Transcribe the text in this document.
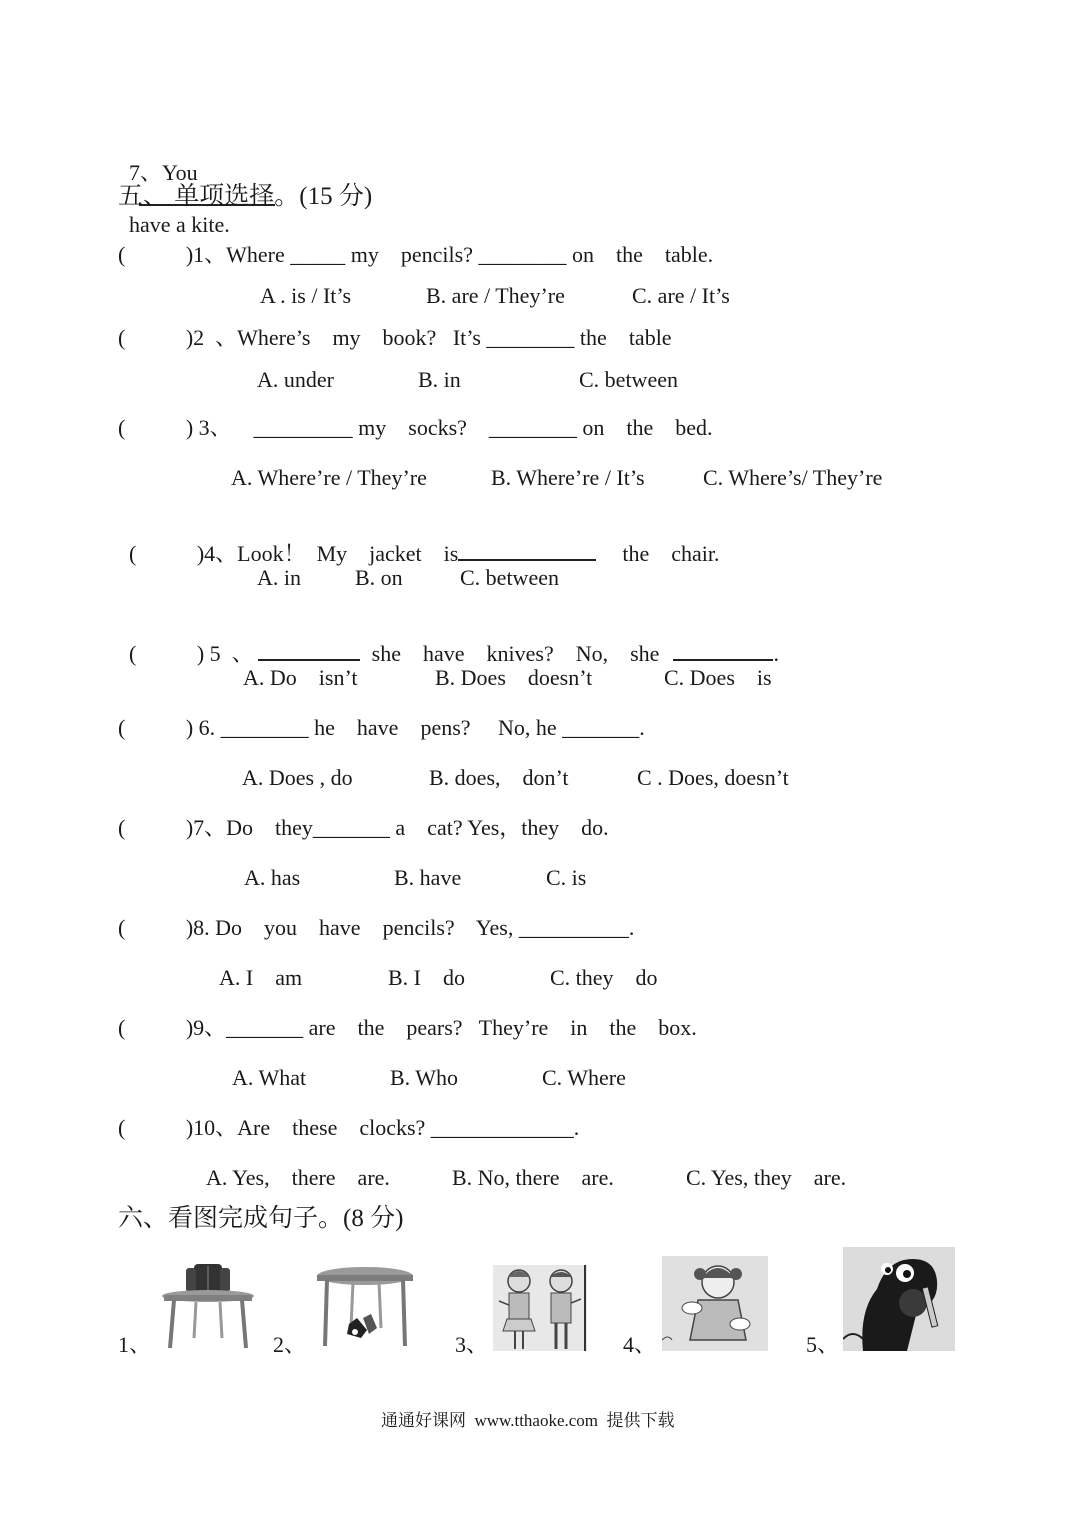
7、You

have a kite.

五、 单项选择。(15 分)
(           )1、Where _____ my    pencils? ________ on    the    table.
A . is / It’s	B. are / They’re	C. are / It’s
(           )2  、Where’s    my    book?   It’s ________ the    table
A. under	B. in	C. between
(           ) 3、    _________ my    socks?    ________ on    the    bed.
A. Where’re / They’re	B. Where’re / It’s	C. Where’s/ They’re

(           )4、Look！  My    jacket    is	the    chair.

A. in B. on	C. between

(           ) 5  、	she    have    knives?    No,    she	.

A. Do    isn’t	B. Does    doesn’t	C. Does    is
(           ) 6. ________ he    have    pens?     No, he _______.
A. Does , do	B. does,    don’t	C . Does, doesn’t
(           )7、Do    they_______ a    cat? Yes，they    do.
A. has	B. have	C. is
(           )8. Do    you    have    pencils?    Yes, __________.
A. I    am	B. I    do	C. they    do
(           )9、_______ are    the    pears?   They’re    in    the    box.
A. What	B. Who	C. Where
(           )10、Are    these    clocks? _____________.
A. Yes,    there    are.	B. No, there    are.	C. Yes, they    are.
六、看图完成句子。(8 分)
1、	2、	3、	4、	5、
通通好课网  www.tthaoke.com  提供下载
